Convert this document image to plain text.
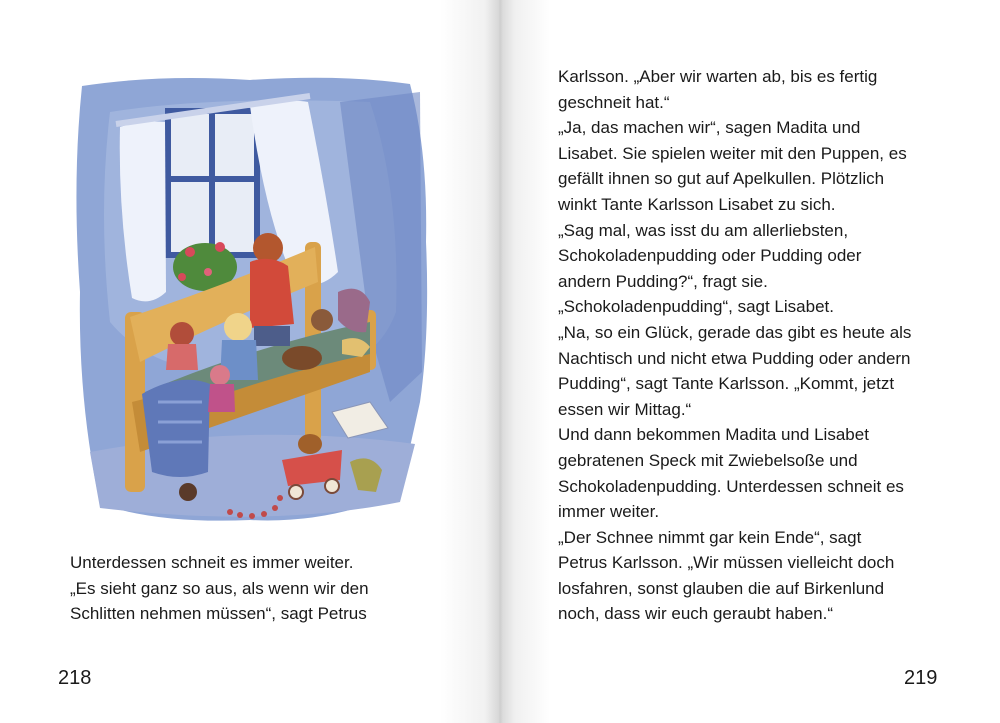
Unterdessen schneit es immer weiter.
„Es sieht ganz so aus, als wenn wir den
Schlitten nehmen müssen“, sagt Petrus
218
Karlsson. „Aber wir warten ab, bis es fertig
geschneit hat.“
„Ja, das machen wir“, sagen Madita und
Lisabet. Sie spielen weiter mit den Puppen, es
gefällt ihnen so gut auf Apelkullen. Plötzlich
winkt Tante Karlsson Lisabet zu sich.
„Sag mal, was isst du am allerliebsten,
Schokoladenpudding oder Pudding oder
andern Pudding?“, fragt sie.
„Schokoladenpudding“, sagt Lisabet.
„Na, so ein Glück, gerade das gibt es heute als
Nachtisch und nicht etwa Pudding oder andern
Pudding“, sagt Tante Karlsson. „Kommt, jetzt
essen wir Mittag.“
Und dann bekommen Madita und Lisabet
gebratenen Speck mit Zwiebelsoße und
Schokoladenpudding. Unterdessen schneit es
immer weiter.
„Der Schnee nimmt gar kein Ende“, sagt
Petrus Karlsson. „Wir müssen vielleicht doch
losfahren, sonst glauben die auf Birkenlund
noch, dass wir euch geraubt haben.“
219
